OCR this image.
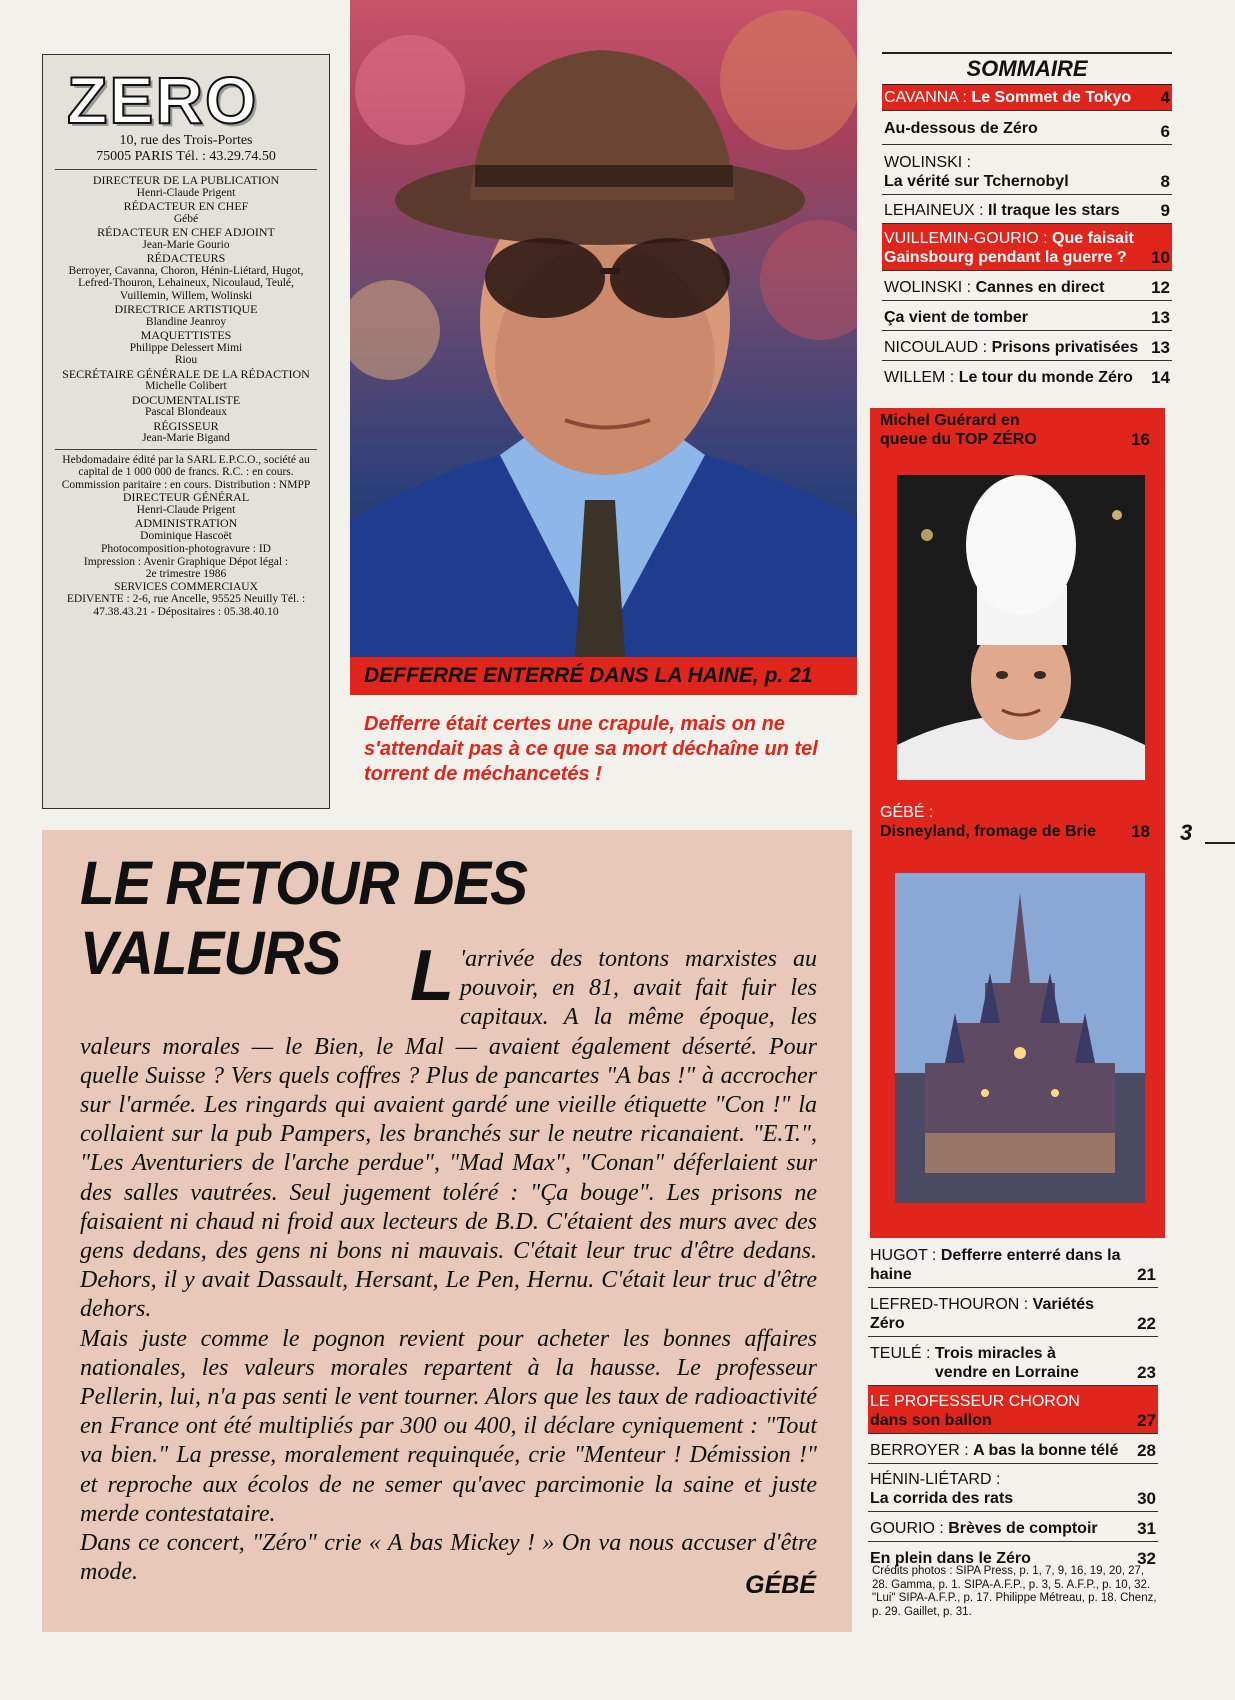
ZERO
10, rue des Trois-Portes
75005 PARIS Tél. : 43.29.74.50
DIRECTEUR DE LA PUBLICATION
Henri-Claude Prigent
RÉDACTEUR EN CHEF
Gébé
RÉDACTEUR EN CHEF ADJOINT
Jean-Marie Gourio
RÉDACTEURS
Berroyer, Cavanna, Choron, Hénin-Liétard, Hugot, Lefred-Thouron, Lehaineux, Nicoulaud, Teulé, Vuillemin, Willem, Wolinski
DIRECTRICE ARTISTIQUE
Blandine Jeanroy
MAQUETTISTES
Philippe Delessert Mimi Riou
SECRÉTAIRE GÉNÉRALE DE LA RÉDACTION
Michelle Colibert
DOCUMENTALISTE
Pascal Blondeaux
RÉGISSEUR
Jean-Marie Bigand
Hebdomadaire édité par la SARL E.P.C.O., société au capital de 1 000 000 de francs. R.C. : en cours. Commission paritaire : en cours. Distribution : NMPP
DIRECTEUR GÉNÉRAL
Henri-Claude Prigent
ADMINISTRATION
Dominique Hascoët
Photocomposition-photogravure : ID Impression : Avenir Graphique Dépot légal : 2e trimestre 1986
SERVICES COMMERCIAUX
EDIVENTE : 2-6, rue Ancelle, 95525 Neuilly Tél. : 47.38.43.21 - Dépositaires : 05.38.40.10
DEFFERRE ENTERRÉ DANS LA HAINE, p. 21
Defferre était certes une crapule, mais on ne s'attendait pas à ce que sa mort déchaîne un tel torrent de méchancetés !
SOMMAIRE
CAVANNA : Le Sommet de Tokyo 4
Au-dessous de Zéro	6
WOLINSKI :
La vérité sur Tchernobyl	8
LEHAINEUX : Il traque les stars 9
VUILLEMIN-GOURIO : Que faisait Gainsbourg pendant la guerre ? 10
WOLINSKI : Cannes en direct	12
Ça vient de tomber	13
NICOULAUD : Prisons privatisées 13
WILLEM : Le tour du monde Zéro 14
Michel Guérard en queue du TOP ZÉRO	16
GÉBÉ :
Disneyland, fromage de Brie 18 3
HUGOT : Defferre enterré dans la haine	21
LEFRED-THOURON : Variétés Zéro	22
TEULÉ : Trois miracles à vendre en Lorraine	23
LE PROFESSEUR CHORON
dans son ballon	27
BERROYER : A bas la bonne télé 28
HÉNIN-LIÉTARD :
La corrida des rats	30
GOURIO : Brèves de comptoir 31
En plein dans le Zéro	32
Crédits photos : SIPA Press, p. 1, 7, 9, 16, 19, 20, 27, 28. Gamma, p. 1. SIPA-A.F.P., p. 3, 5. A.F.P., p. 10, 32. "Lui" SIPA-A.F.P., p. 17. Philippe Métreau, p. 18. Chenz, p. 29. Gaillet, p. 31.
LE RETOUR DES VALEURS L 'arrivée des tontons marxistes au pouvoir, en 81, avait fait fuir les capitaux. A la même époque, les valeurs morales — le Bien, le Mal — avaient également déserté. Pour quelle Suisse ? Vers quels coffres ? Plus de pancartes "A bas !" à accrocher sur l'armée. Les ringards qui avaient gardé une vieille étiquette "Con !" la collaient sur la pub Pampers, les branchés sur le neutre ricanaient. "E.T.", "Les Aventuriers de l'arche perdue", "Mad Max", "Conan" déferlaient sur des salles vautrées. Seul jugement toléré : "Ça bouge". Les prisons ne faisaient ni chaud ni froid aux lecteurs de B.D. C'étaient des murs avec des gens dedans, des gens ni bons ni mauvais. C'était leur truc d'être dedans. Dehors, il y avait Dassault, Hersant, Le Pen, Hernu. C'était leur truc d'être dehors.
Mais juste comme le pognon revient pour acheter les bonnes affaires nationales, les valeurs morales repartent à la hausse. Le professeur Pellerin, lui, n'a pas senti le vent tourner. Alors que les taux de radioactivité en France ont été multipliés par 300 ou 400, il déclare cyniquement : "Tout va bien." La presse, moralement requinquée, crie "Menteur ! Démission !" et reproche aux écolos de ne semer qu'avec parcimonie la saine et juste merde contestataire.
Dans ce concert, "Zéro" crie « A bas Mickey ! » On va nous accuser d'être mode.	GÉBÉ
